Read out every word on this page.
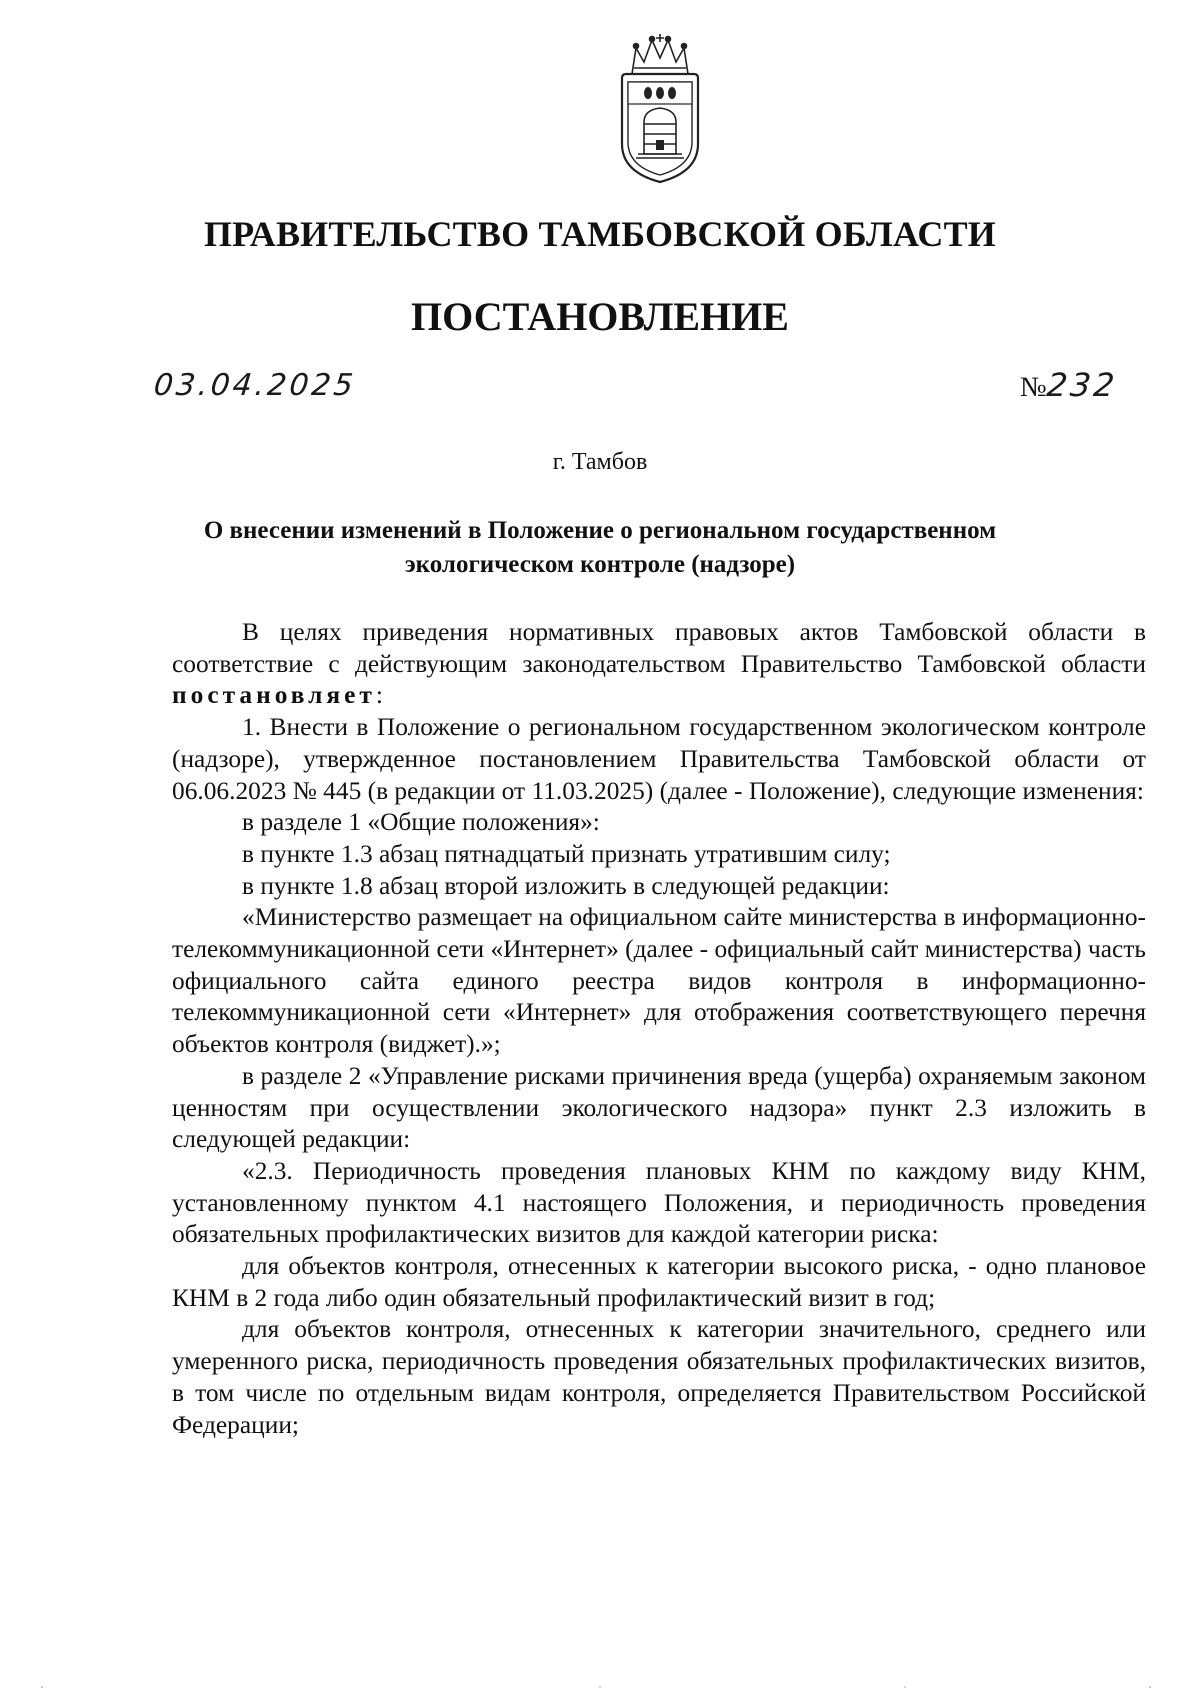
ПРАВИТЕЛЬСТВО ТАМБОВСКОЙ ОБЛАСТИ
ПОСТАНОВЛЕНИЕ
03.04.2025	№232
г. Тамбов
О внесении изменений в Положение о региональном государственном
экологическом контроле (надзоре)

В целях приведения нормативных правовых актов Тамбовской области в соответствие с действующим законодательством Правительство Тамбовской области постановляет:

1. Внести в Положение о региональном государственном экологическом контроле (надзоре), утвержденное постановлением Правительства Тамбовской области от 06.06.2023 № 445 (в редакции от 11.03.2025) (далее - Положение), следующие изменения:

в разделе 1 «Общие положения»:

в пункте 1.3 абзац пятнадцатый признать утратившим силу;

в пункте 1.8 абзац второй изложить в следующей редакции:

«Министерство размещает на официальном сайте министерства в информационно-телекоммуникационной сети «Интернет» (далее - официальный сайт министерства) часть официального сайта единого реестра видов контроля в информационно-телекоммуникационной сети «Интернет» для отображения соответствующего перечня объектов контроля (виджет).»;

в разделе 2 «Управление рисками причинения вреда (ущерба) охраняемым законом ценностям при осуществлении экологического надзора» пункт 2.3 изложить в следующей редакции:

«2.3. Периодичность проведения плановых КНМ по каждому виду КНМ, установленному пунктом 4.1 настоящего Положения, и периодичность проведения обязательных профилактических визитов для каждой категории риска:

для объектов контроля, отнесенных к категории высокого риска, - одно плановое КНМ в 2 года либо один обязательный профилактический визит в год;

для объектов контроля, отнесенных к категории значительного, среднего или умеренного риска, периодичность проведения обязательных профилактических визитов, в том числе по отдельным видам контроля, определяется Правительством Российской Федерации;
